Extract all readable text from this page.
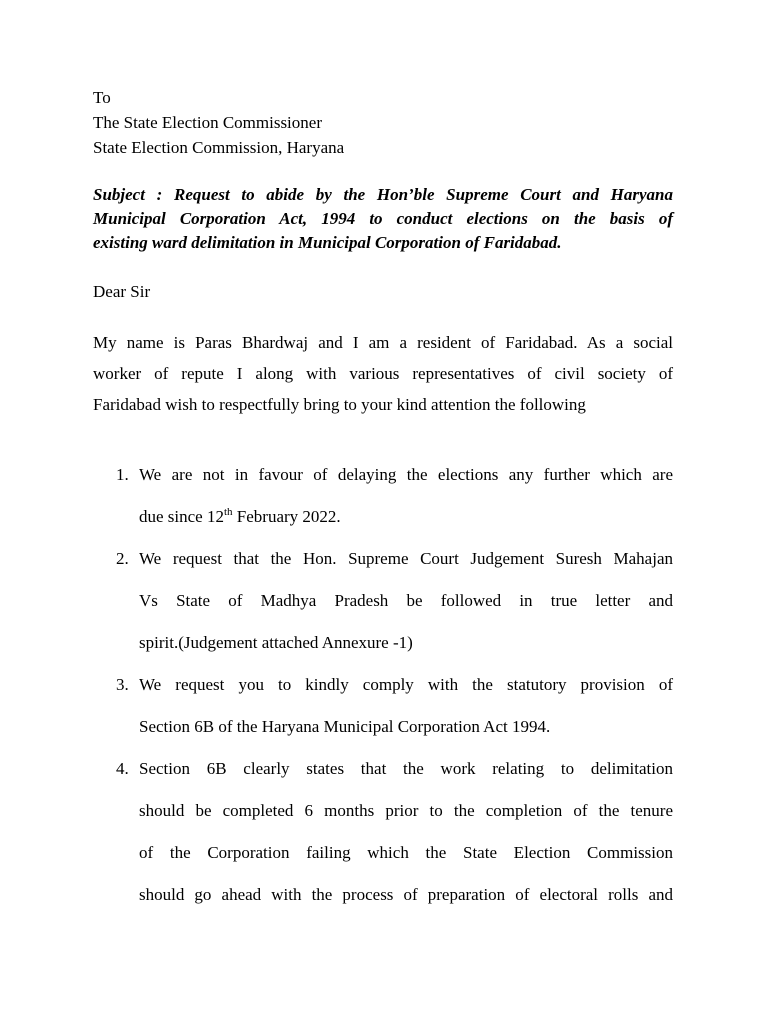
To
The State Election Commissioner
State Election Commission, Haryana
Subject : Request to abide by the Hon’ble Supreme Court and Haryana
Municipal Corporation Act, 1994 to conduct elections on the basis of
existing ward delimitation in Municipal Corporation of Faridabad.
Dear Sir
My name is Paras Bhardwaj and I am a resident of Faridabad. As a social
worker of repute I along with various representatives of civil society of
Faridabad wish to respectfully bring to your kind attention the following
1. We are not in favour of delaying the elections any further which are
due since 12th February 2022.
2. We request that the Hon. Supreme Court Judgement Suresh Mahajan
Vs State of Madhya Pradesh be followed in true letter and
spirit.(Judgement attached Annexure -1)
3. We request you to kindly comply with the statutory provision of
Section 6B of the Haryana Municipal Corporation Act 1994.
4. Section 6B clearly states that the work relating to delimitation
should be completed 6 months prior to the completion of the tenure
of the Corporation failing which the State Election Commission
should go ahead with the process of preparation of electoral rolls and
